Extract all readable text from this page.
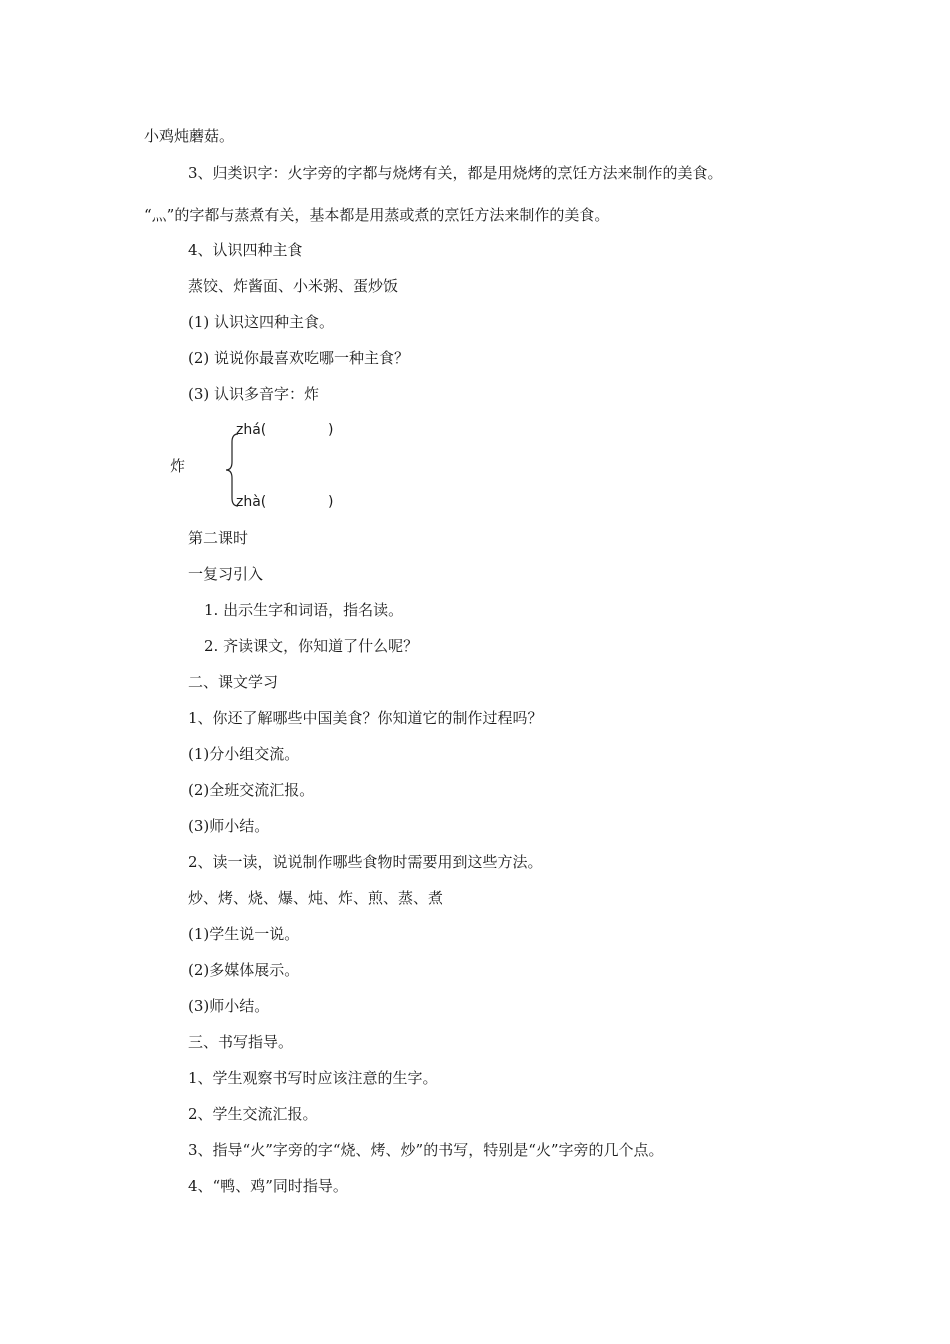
小鸡炖蘑菇。
3、归类识字：火字旁的字都与烧烤有关，都是用烧烤的烹饪方法来制作的美食。
“灬”的字都与蒸煮有关，基本都是用蒸或煮的烹饪方法来制作的美食。
4、认识四种主食
蒸饺、炸酱面、小米粥、蛋炒饭
(1) 认识这四种主食。
(2) 说说你最喜欢吃哪一种主食？
(3) 认识多音字：炸
zhá(	)
炸
zhà(	)
第二课时
一复习引入
1. 出示生字和词语，指名读。
2. 齐读课文，你知道了什么呢？
二、课文学习
1、你还了解哪些中国美食？你知道它的制作过程吗？
(1)分小组交流。
(2)全班交流汇报。
(3)师小结。
2、读一读，说说制作哪些食物时需要用到这些方法。
炒、烤、烧、爆、炖、炸、煎、蒸、煮
(1)学生说一说。
(2)多媒体展示。
(3)师小结。
三、书写指导。
1、学生观察书写时应该注意的生字。
2、学生交流汇报。
3、指导“火”字旁的字“烧、烤、炒”的书写，特别是“火”字旁的几个点。
4、“鸭、鸡”同时指导。
